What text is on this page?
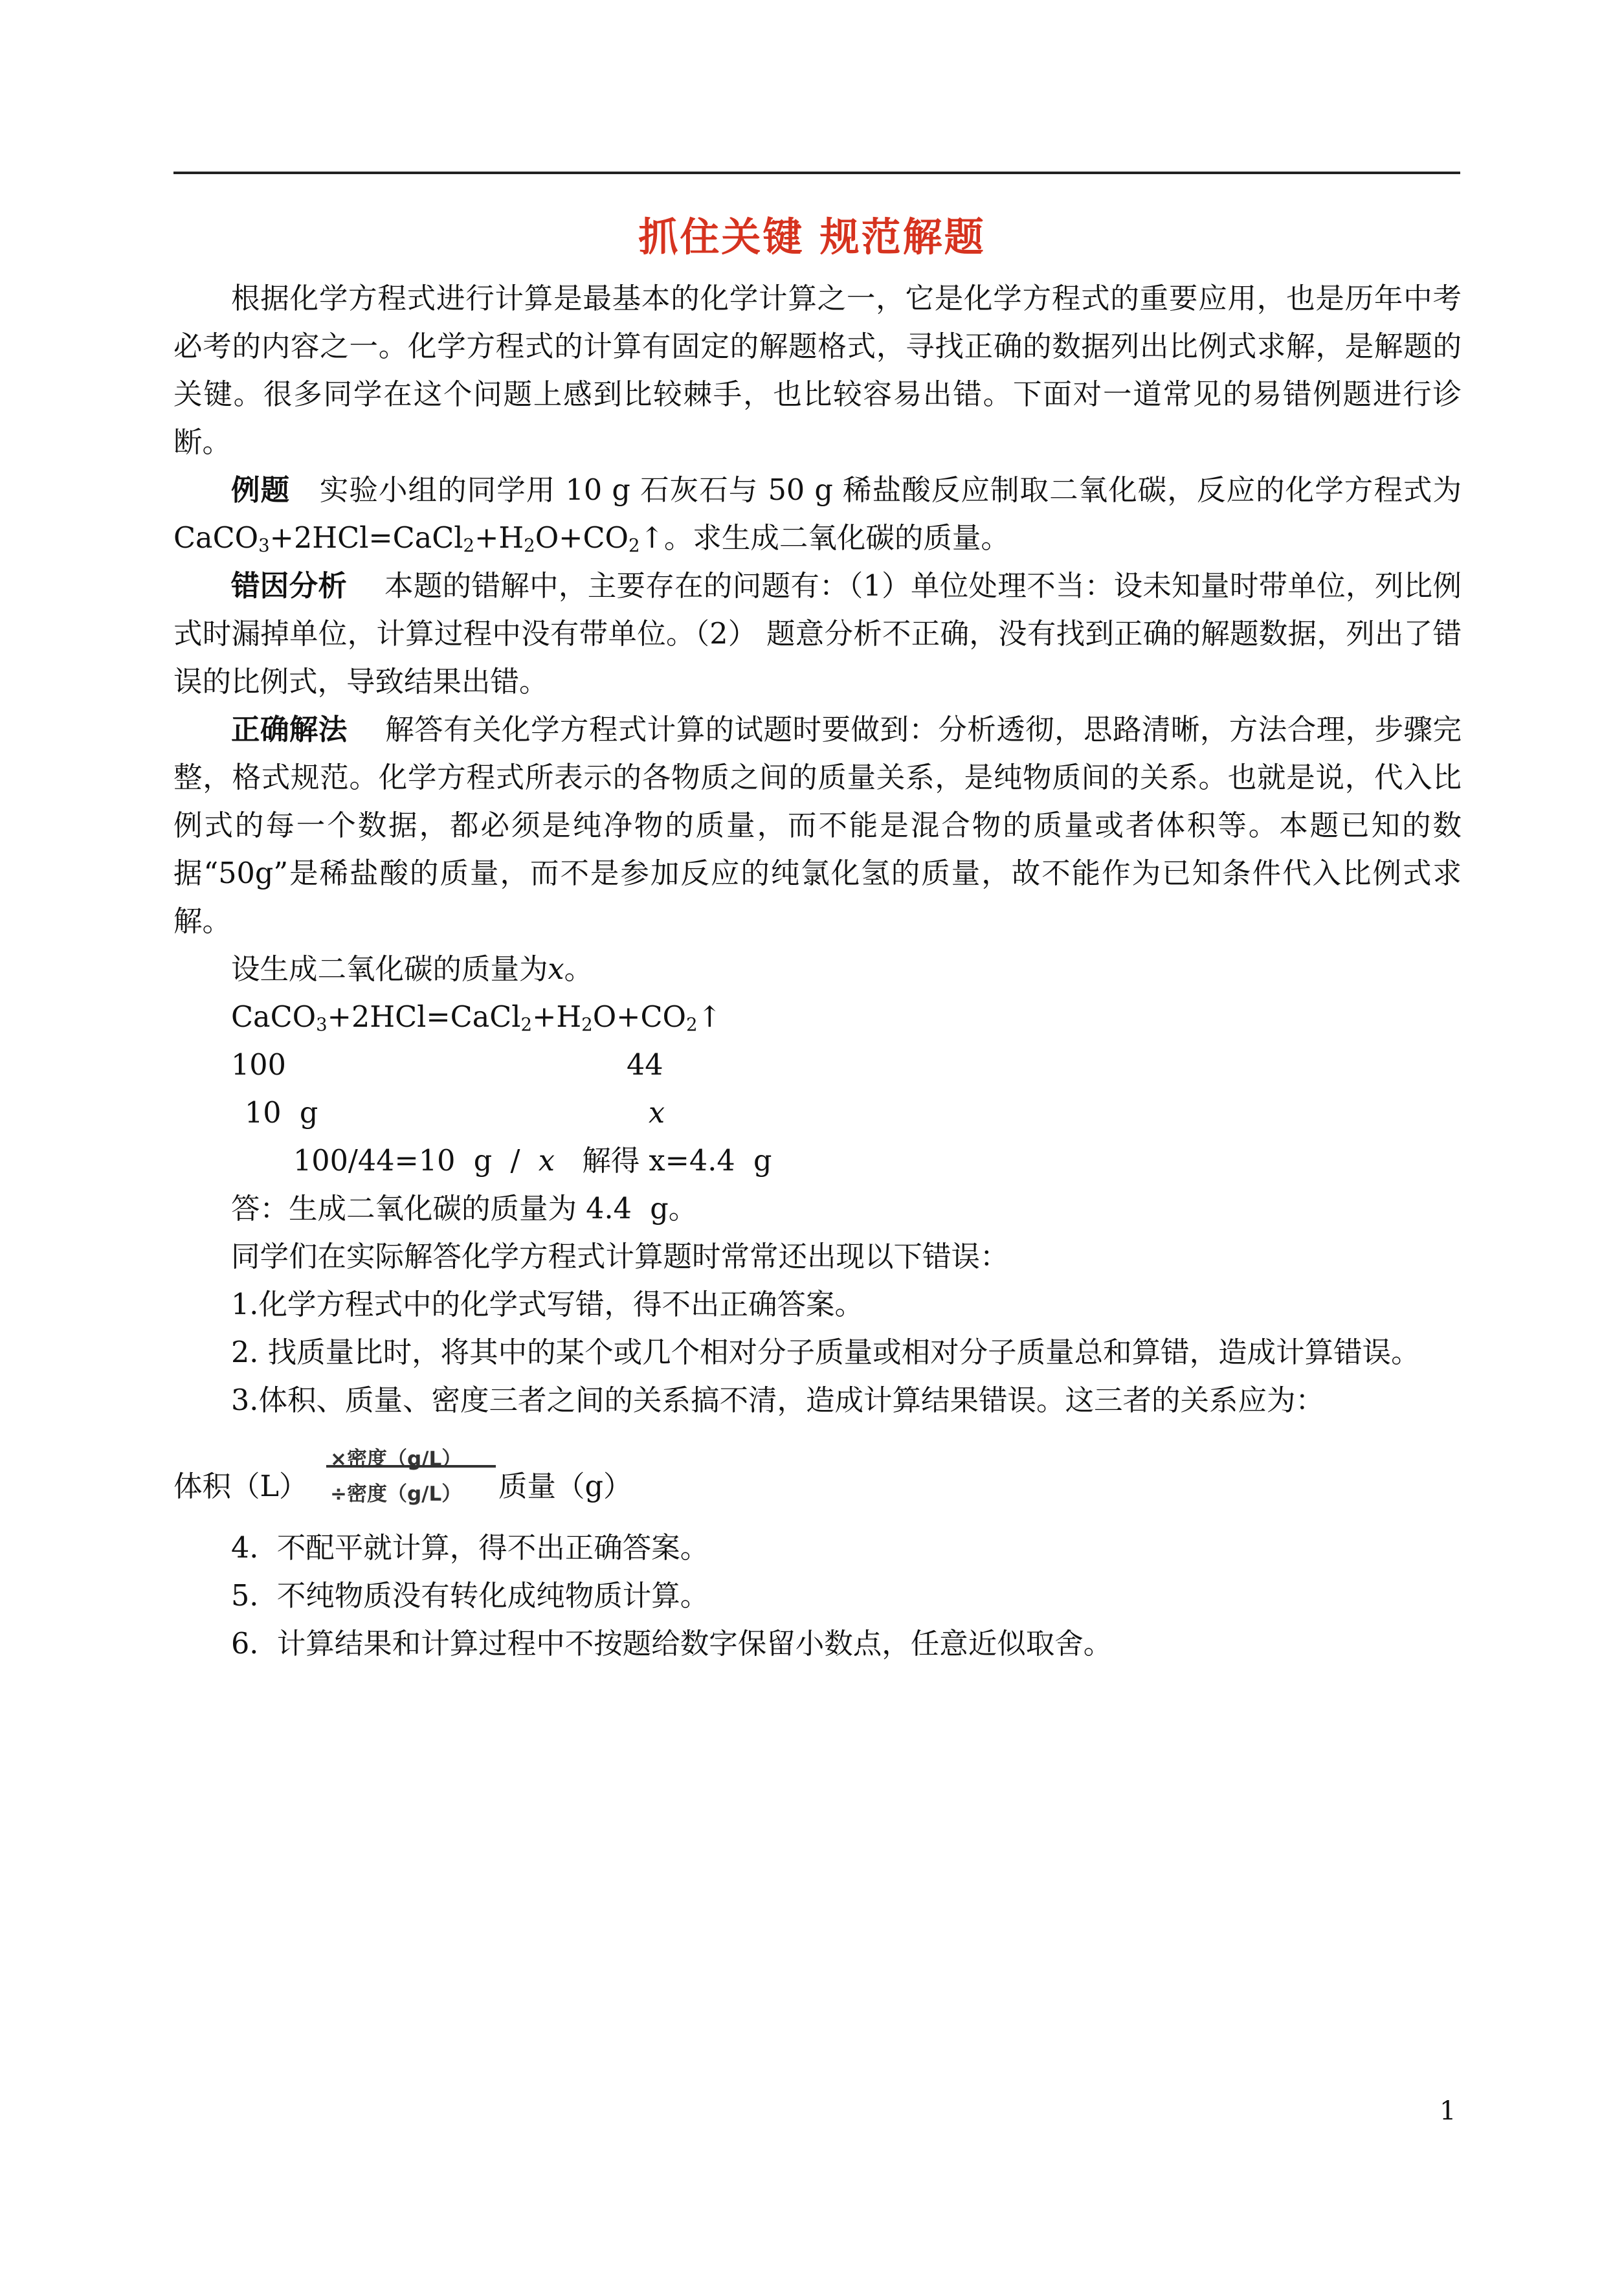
抓住关键 规范解题

根据化学方程式进行计算是最基本的化学计算之一，它是化学方程式的重要应用，也是历年中考必考的内容之一。化学方程式的计算有固定的解题格式，寻找正确的数据列出比例式求解，是解题的关键。很多同学在这个问题上感到比较棘手，也比较容易出错。下面对一道常见的易错例题进行诊断。

例题 实验小组的同学用 10 g 石灰石与 50 g 稀盐酸反应制取二氧化碳，反应的化学方程式为 $CaCO_3+2HCl=CaCl_2+H_2O+CO_2↑$。求生成二氧化碳的质量。

错因分析 本题的错解中，主要存在的问题有：（1）单位处理不当：设未知量时带单位，列比例式时漏掉单位，计算过程中没有带单位。（2） 题意分析不正确，没有找到正确的解题数据，列出了错误的比例式，导致结果出错。

正确解法 解答有关化学方程式计算的试题时要做到：分析透彻，思路清晰，方法合理，步骤完整，格式规范。化学方程式所表示的各物质之间的质量关系，是纯物质间的关系。也就是说，代入比例式的每一个数据，都必须是纯净物的质量，而不能是混合物的质量或者体积等。本题已知的数据“50g”是稀盐酸的质量，而不是参加反应的纯氯化氢的质量，故不能作为已知条件代入比例式求解。

设生成二氧化碳的质量为x。
$CaCO_3+2HCl=CaCl_2+H_2O+CO_2↑$

100

	44

10  g

	x

100/44=10  g  /  x   解得 x=4.4  g
答：生成二氧化碳的质量为 4.4  g。
同学们在实际解答化学方程式计算题时常常还出现以下错误：

1.化学方程式中的化学式写错，得不出正确答案。

2. 找质量比时，将其中的某个或几个相对分子质量或相对分子质量总和算错，造成计算错误。

3.体积、质量、密度三者之间的关系搞不清，造成计算结果错误。这三者的关系应为：

体积（L）
×密度（g/L）
÷密度（g/L） 质量（g）
4.  不配平就计算，得不出正确答案。
5.  不纯物质没有转化成纯物质计算。
6.  计算结果和计算过程中不按题给数字保留小数点，任意近似取舍。
1
